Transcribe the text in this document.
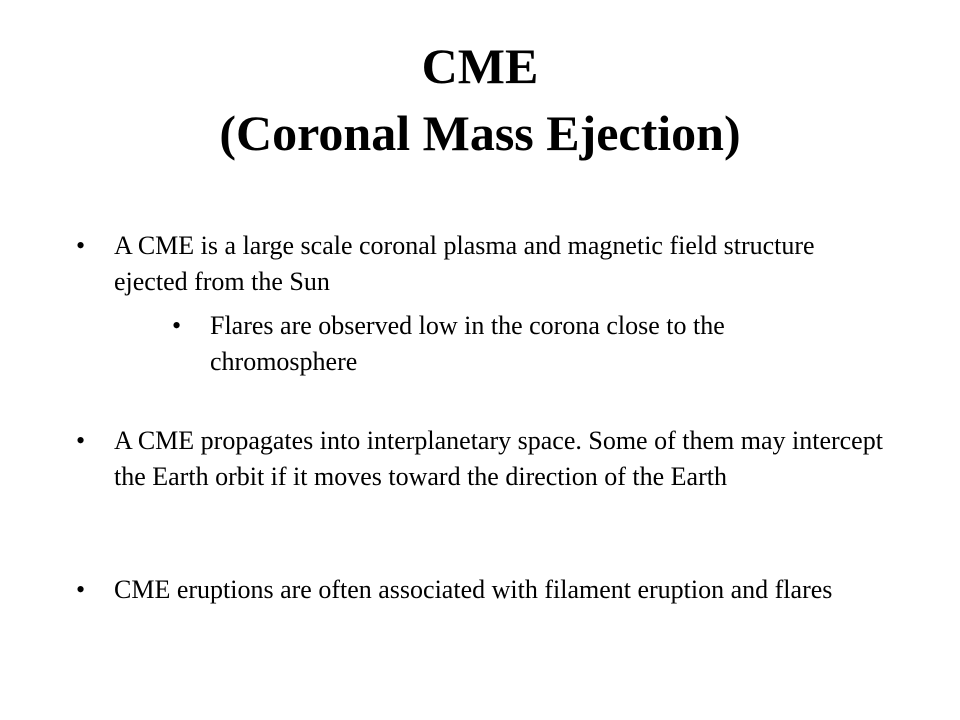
CME
(Coronal Mass Ejection)
• A CME is a large scale coronal plasma and magnetic field structure ejected from the Sun
• Flares are observed low in the corona close to the chromosphere
• A CME propagates into interplanetary space. Some of them may intercept the Earth orbit if it moves toward the direction of the Earth
• CME eruptions are often associated with filament eruption and flares
